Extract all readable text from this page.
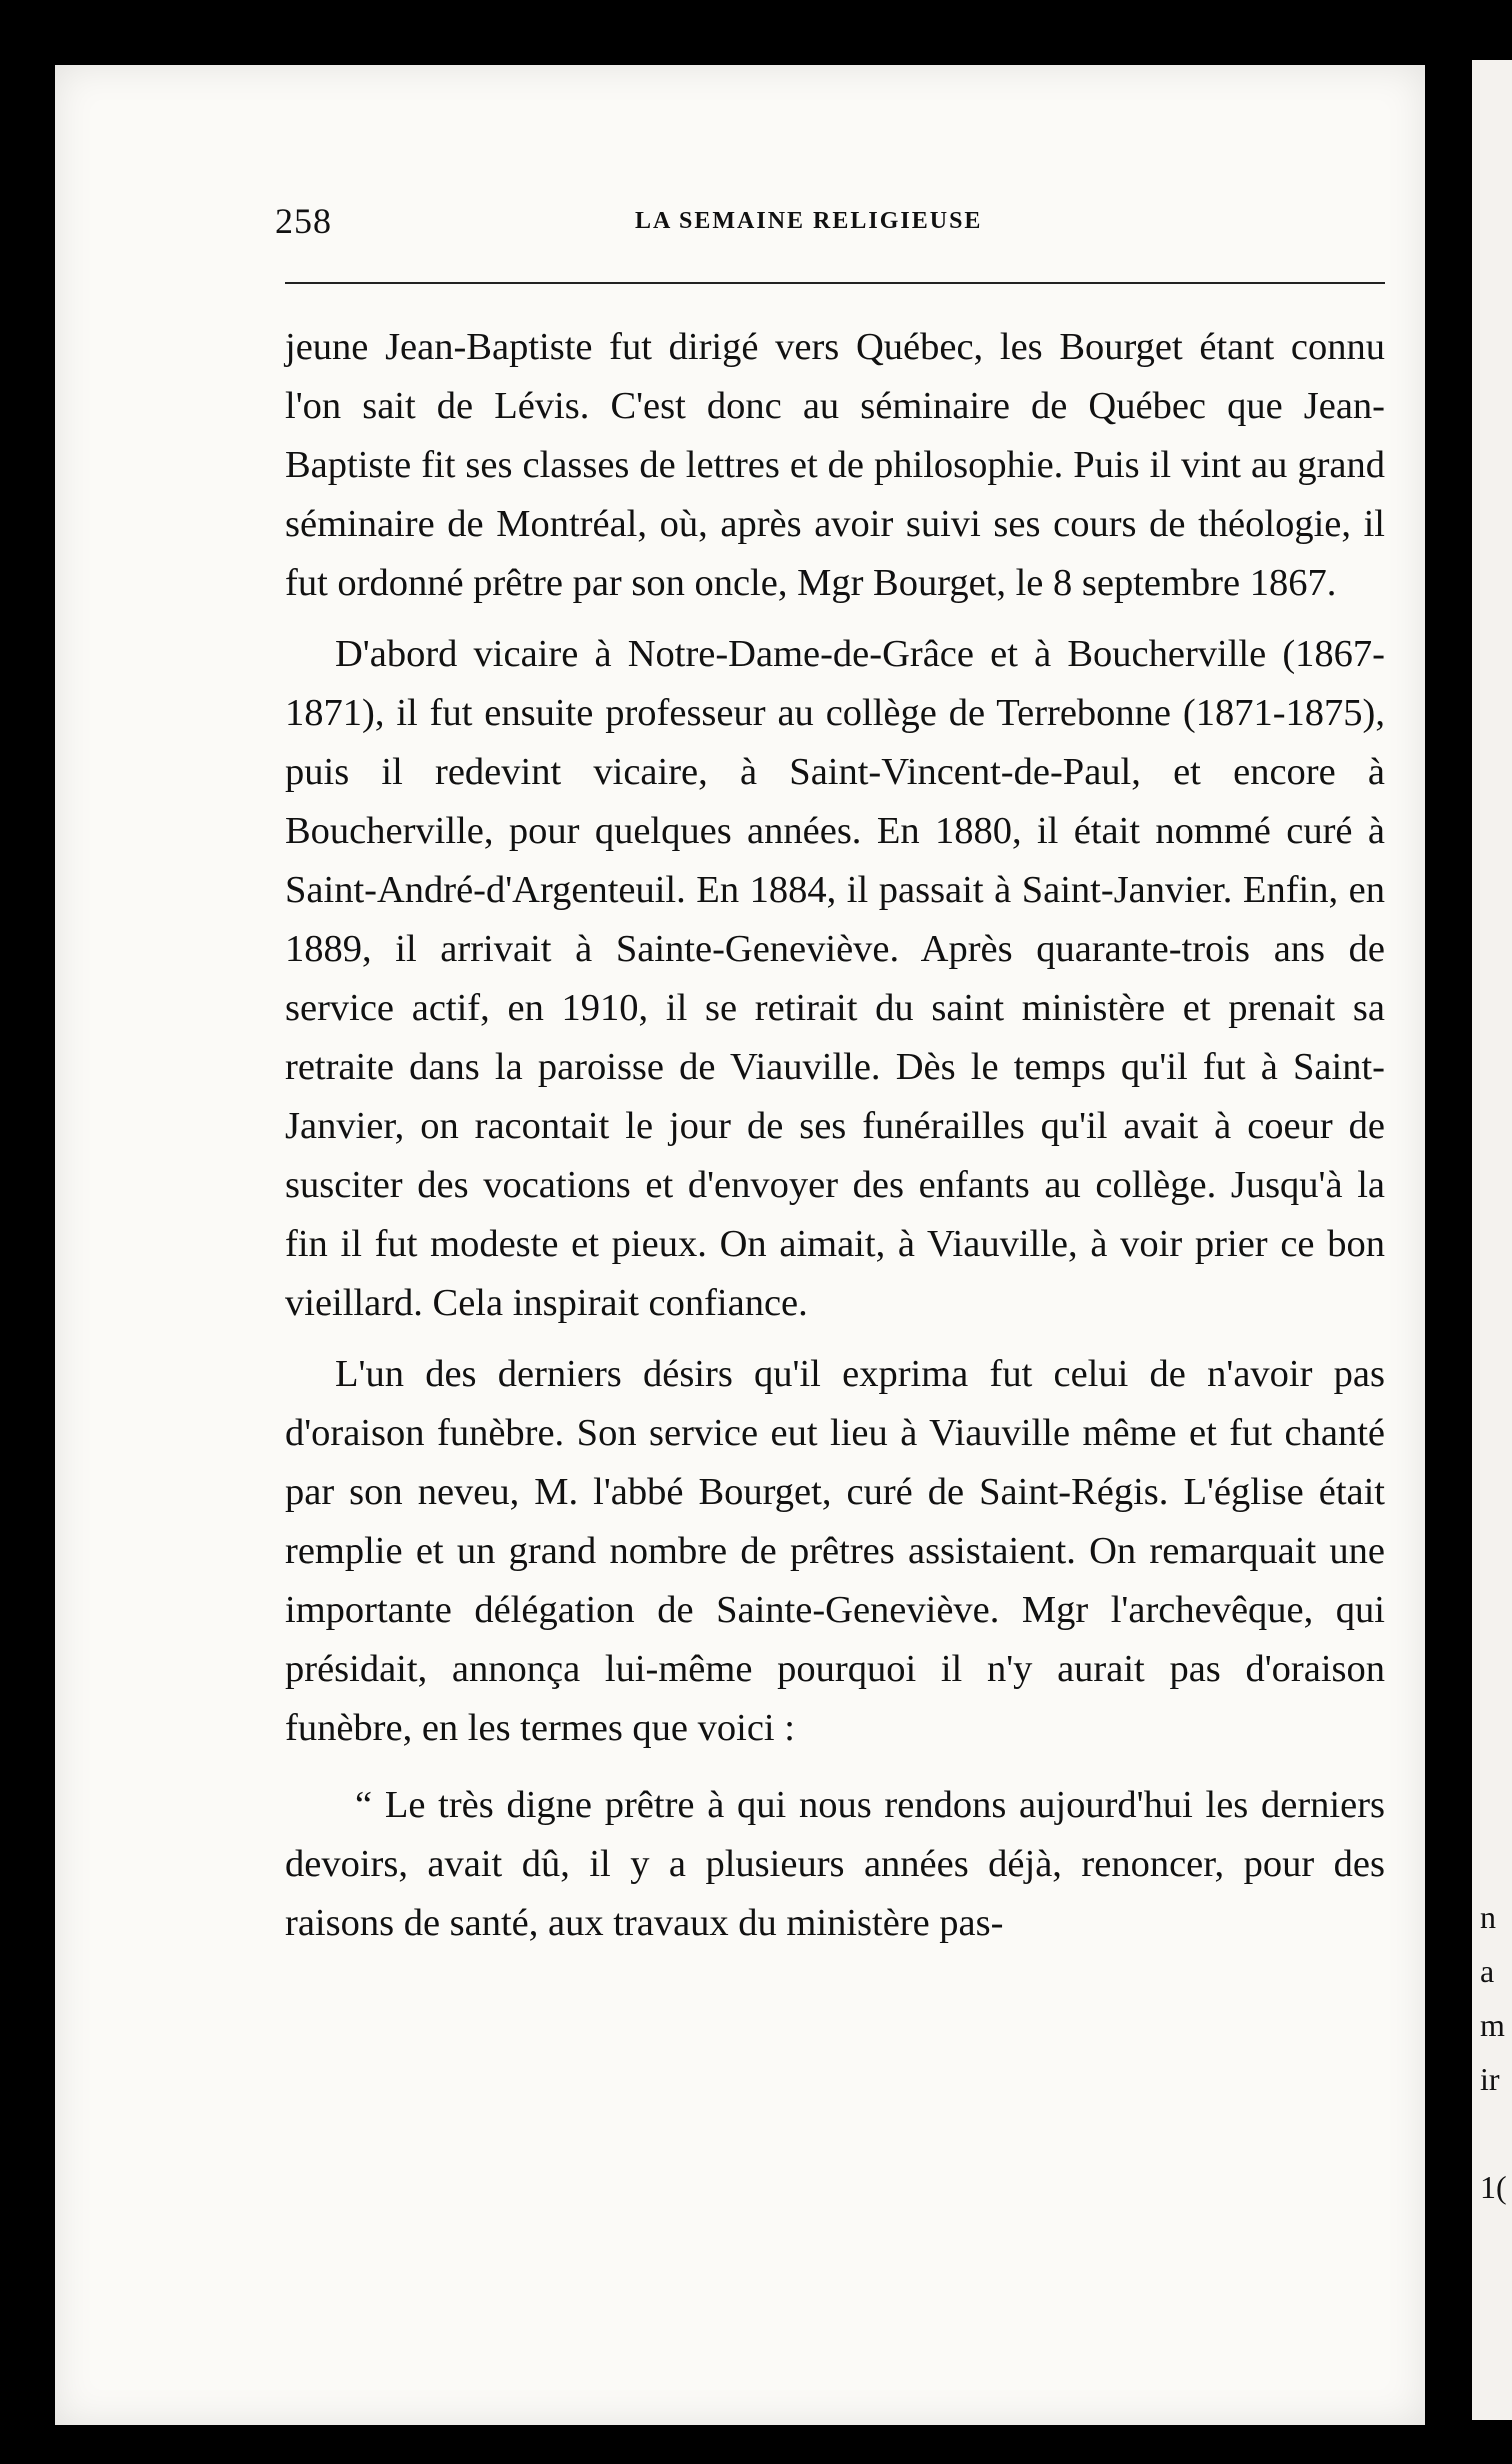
n
a
m
ir

1(
258	LA SEMAINE RELIGIEUSE

jeune Jean-Baptiste fut dirigé vers Québec, les Bourget étant connu l'on sait de Lévis. C'est donc au séminaire de Québec que Jean-Baptiste fit ses classes de lettres et de philosophie. Puis il vint au grand séminaire de Montréal, où, après avoir suivi ses cours de théologie, il fut ordonné prêtre par son oncle, Mgr Bourget, le 8 septembre 1867.

D'abord vicaire à Notre-Dame-de-Grâce et à Boucherville (1867-1871), il fut ensuite professeur au collège de Terrebonne (1871-1875), puis il redevint vicaire, à Saint-Vincent-de-Paul, et encore à Boucherville, pour quelques années. En 1880, il était nommé curé à Saint-André-d'Argenteuil. En 1884, il passait à Saint-Janvier. Enfin, en 1889, il arrivait à Sainte-Geneviève. Après quarante-trois ans de service actif, en 1910, il se retirait du saint ministère et prenait sa retraite dans la paroisse de Viauville. Dès le temps qu'il fut à Saint-Janvier, on racontait le jour de ses funérailles qu'il avait à coeur de susciter des vocations et d'envoyer des enfants au collège. Jusqu'à la fin il fut modeste et pieux. On aimait, à Viauville, à voir prier ce bon vieillard. Cela inspirait confiance.

L'un des derniers désirs qu'il exprima fut celui de n'avoir pas d'oraison funèbre. Son service eut lieu à Viauville même et fut chanté par son neveu, M. l'abbé Bourget, curé de Saint-Régis. L'église était remplie et un grand nombre de prêtres assistaient. On remarquait une importante délégation de Sainte-Geneviève. Mgr l'archevêque, qui présidait, annonça lui-même pourquoi il n'y aurait pas d'oraison funèbre, en les termes que voici :

“ Le très digne prêtre à qui nous rendons aujourd'hui les derniers devoirs, avait dû, il y a plusieurs années déjà, renoncer, pour des raisons de santé, aux travaux du ministère pas-
